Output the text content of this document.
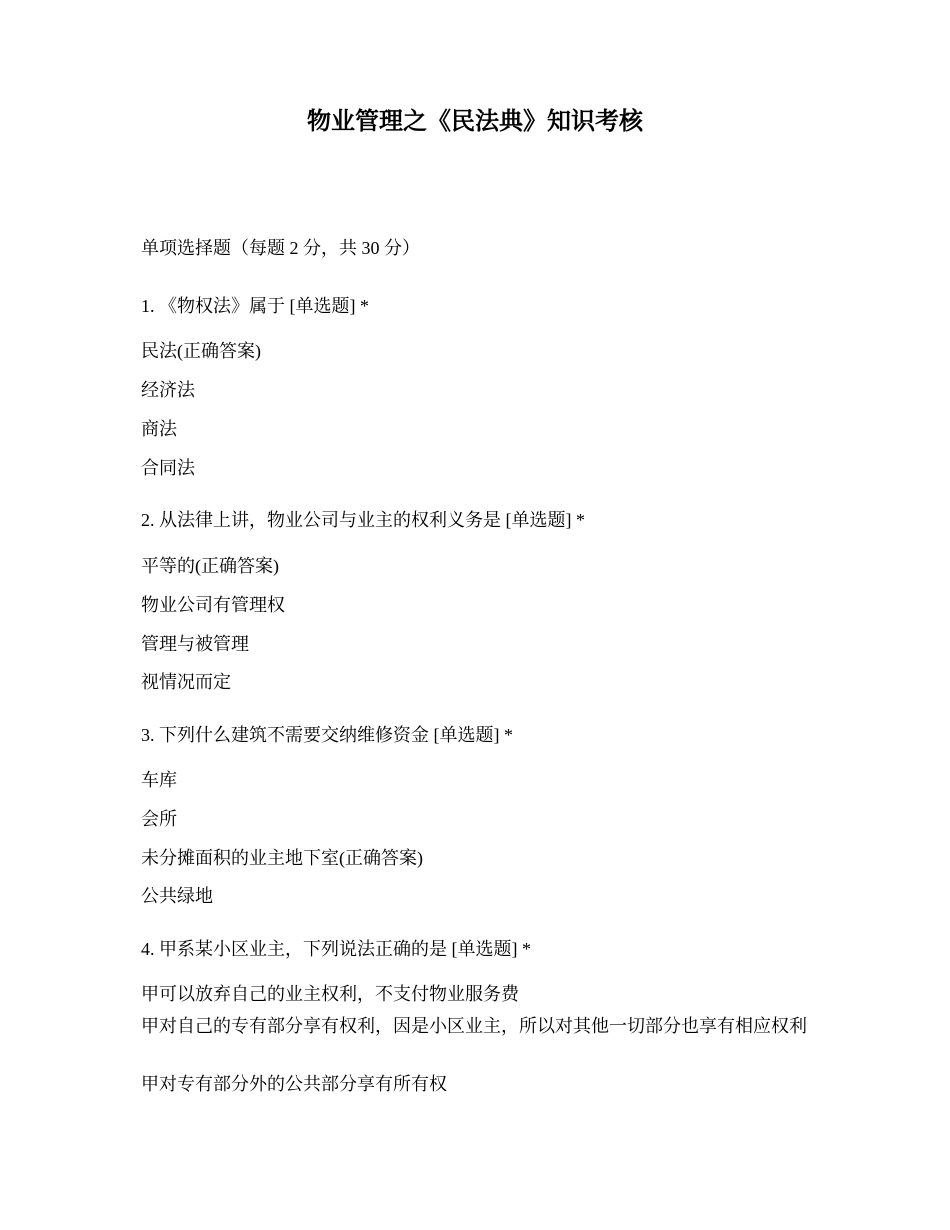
物业管理之《民法典》知识考核
单项选择题（每题 2 分，共 30 分）
1. 《物权法》属于 [单选题] *
民法(正确答案)
经济法
商法
合同法
2. 从法律上讲，物业公司与业主的权利义务是 [单选题] *
平等的(正确答案)
物业公司有管理权
管理与被管理
视情况而定
3. 下列什么建筑不需要交纳维修资金 [单选题] *
车库
会所
未分摊面积的业主地下室(正确答案)
公共绿地
4. 甲系某小区业主，下列说法正确的是 [单选题] *
甲可以放弃自己的业主权利，不支付物业服务费
甲对自己的专有部分享有权利，因是小区业主，所以对其他一切部分也享有相应权利
甲对专有部分外的公共部分享有所有权
